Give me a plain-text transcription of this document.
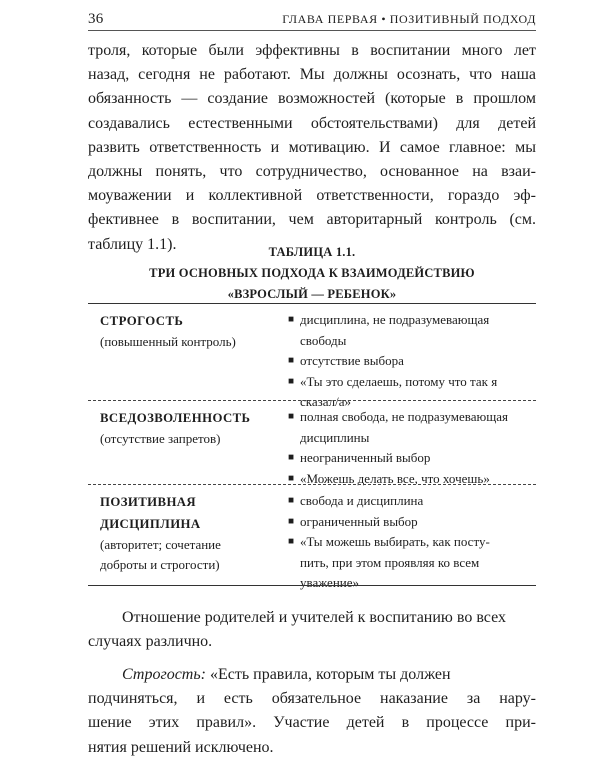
36	ГЛАВА ПЕРВАЯ • ПОЗИТИВНЫЙ ПОДХОД
троля, которые были эффективны в воспитании много лет
назад, сегодня не работают. Мы должны осознать, что наша
обязанность — создание возможностей (которые в прошлом
создавались естественными обстоятельствами) для детей
развить ответственность и мотивацию. И самое главное: мы
должны понять, что сотрудничество, основанное на взаи-
моуважении и коллективной ответственности, гораздо эф-
фективнее в воспитании, чем авторитарный контроль (см.
таблицу 1.1).	ТАБЛИЦА 1.1.
ТРИ ОСНОВНЫХ ПОДХОДА К ВЗАИМОДЕЙСТВИЮ
«ВЗРОСЛЫЙ — РЕБЕНОК»
СТРОГОСТЬ
(повышенный контроль)
■ дисциплина, не подразумевающая
свободы
■ отсутствие выбора
■ «Ты это сделаешь, потому что так я
сказал/а»
ВСЕДОЗВОЛЕННОСТЬ
(отсутствие запретов)
■ полная свобода, не подразумевающая
дисциплины
■ неограниченный выбор
■ «Можешь делать все, что хочешь»
ПОЗИТИВНАЯ
ДИСЦИПЛИНА
(авторитет; сочетание
доброты и строгости)
■ свобода и дисциплина
■ ограниченный выбор
■ «Ты можешь выбирать, как посту-
пить, при этом проявляя ко всем
уважение»
Отношение родителей и учителей к воспитанию во всех
случаях различно.
Строгость: «Есть правила, которым ты должен
подчиняться, и есть обязательное наказание за нару-
шение этих правил». Участие детей в процессе при-
нятия решений исключено.
